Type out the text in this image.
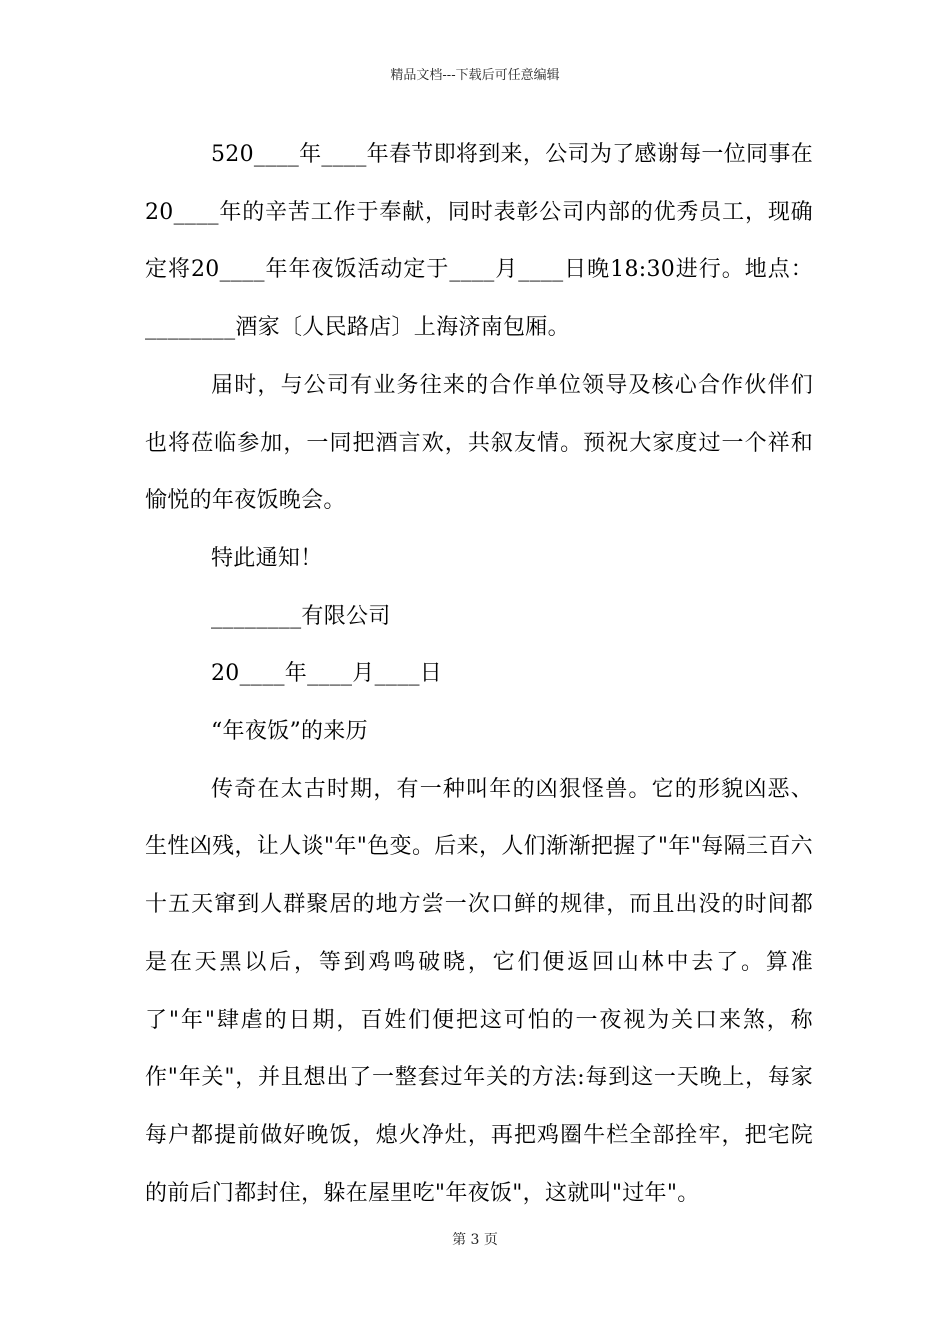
精品文档---下载后可任意编辑

520____年____年春节即将到来，公司为了感谢每一位同事在20____年的辛苦工作于奉献，同时表彰公司内部的优秀员工，现确定将20____年年夜饭活动定于____月____日晚18:30进行。地点：________酒家〔人民路店〕上海济南包厢。

届时，与公司有业务往来的合作单位领导及核心合作伙伴们也将莅临参加，一同把酒言欢，共叙友情。预祝大家度过一个祥和愉悦的年夜饭晚会。

特此通知！

________有限公司

20____年____月____日

“年夜饭”的来历

传奇在太古时期，有一种叫年的凶狠怪兽。它的形貌凶恶、生性凶残，让人谈"年"色变。后来，人们渐渐把握了"年"每隔三百六十五天窜到人群聚居的地方尝一次口鲜的规律，而且出没的时间都是在天黑以后，等到鸡鸣破晓，它们便返回山林中去了。算准了"年"肆虐的日期，百姓们便把这可怕的一夜视为关口来煞，称作"年关"，并且想出了一整套过年关的方法:每到这一天晚上，每家每户都提前做好晚饭，熄火净灶，再把鸡圈牛栏全部拴牢，把宅院的前后门都封住，躲在屋里吃"年夜饭"，这就叫"过年"。

第 3 页
